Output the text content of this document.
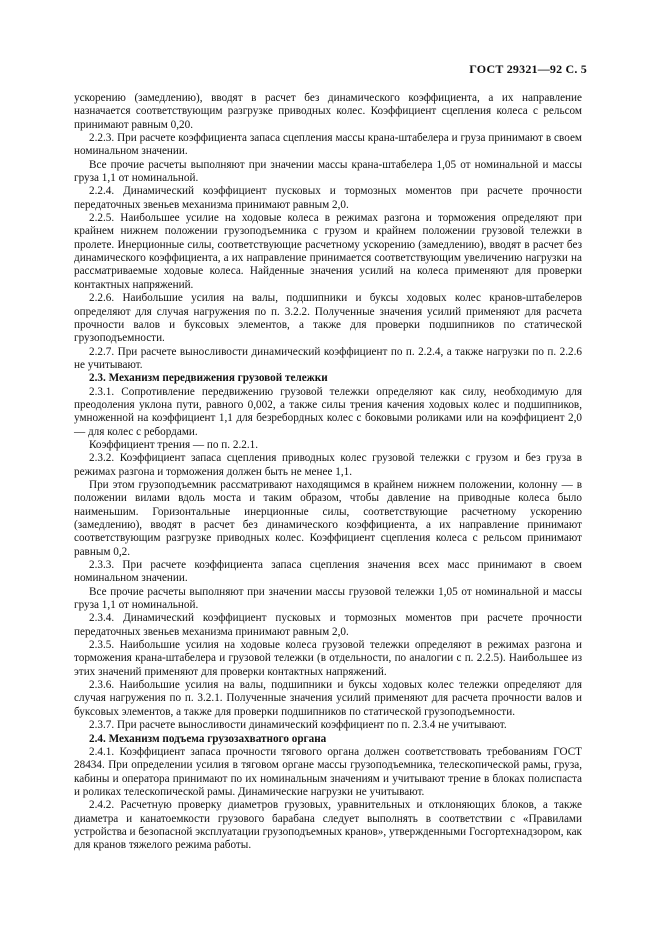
ГОСТ 29321—92 С. 5

ускорению (замедлению), вводят в расчет без динамического коэффициента, а их направление назначается соответствующим разгрузке приводных колес. Коэффициент сцепления колеса с рельсом принимают равным 0,20.

2.2.3. При расчете коэффициента запаса сцепления массы крана-штабелера и груза принимают в своем номинальном значении.

Все прочие расчеты выполняют при значении массы крана-штабелера 1,05 от номинальной и массы груза 1,1 от номинальной.

2.2.4. Динамический коэффициент пусковых и тормозных моментов при расчете прочности передаточных звеньев механизма принимают равным 2,0.

2.2.5. Наибольшее усилие на ходовые колеса в режимах разгона и торможения определяют при крайнем нижнем положении грузоподъемника с грузом и крайнем положении грузовой тележки в пролете. Инерционные силы, соответствующие расчетному ускорению (замедлению), вводят в расчет без динамического коэффициента, а их направление принимается соответствующим увеличению нагрузки на рассматриваемые ходовые колеса. Найденные значения усилий на колеса применяют для проверки контактных напряжений.

2.2.6. Наибольшие усилия на валы, подшипники и буксы ходовых колес кранов-штабелеров определяют для случая нагружения по п. 3.2.2. Полученные значения усилий применяют для расчета прочности валов и буксовых элементов, а также для проверки подшипников по статической грузоподъемности.

2.2.7. При расчете выносливости динамический коэффициент по п. 2.2.4, а также нагрузки по п. 2.2.6 не учитывают.

2.3. Механизм передвижения грузовой тележки

2.3.1. Сопротивление передвижению грузовой тележки определяют как силу, необходимую для преодоления уклона пути, равного 0,002, а также силы трения качения ходовых колес и подшипников, умноженной на коэффициент 1,1 для безребордных колес с боковыми роликами или на коэффициент 2,0 — для колес с ребордами.

Коэффициент трения — по п. 2.2.1.

2.3.2. Коэффициент запаса сцепления приводных колес грузовой тележки с грузом и без груза в режимах разгона и торможения должен быть не менее 1,1.

При этом грузоподъемник рассматривают находящимся в крайнем нижнем положении, колонну — в положении вилами вдоль моста и таким образом, чтобы давление на приводные колеса было наименьшим. Горизонтальные инерционные силы, соответствующие расчетному ускорению (замедлению), вводят в расчет без динамического коэффициента, а их направление принимают соответствующим разгрузке приводных колес. Коэффициент сцепления колеса с рельсом принимают равным 0,2.

2.3.3. При расчете коэффициента запаса сцепления значения всех масс принимают в своем номинальном значении.

Все прочие расчеты выполняют при значении массы грузовой тележки 1,05 от номинальной и массы груза 1,1 от номинальной.

2.3.4. Динамический коэффициент пусковых и тормозных моментов при расчете прочности передаточных звеньев механизма принимают равным 2,0.

2.3.5. Наибольшие усилия на ходовые колеса грузовой тележки определяют в режимах разгона и торможения крана-штабелера и грузовой тележки (в отдельности, по аналогии с п. 2.2.5). Наибольшее из этих значений применяют для проверки контактных напряжений.

2.3.6. Наибольшие усилия на валы, подшипники и буксы ходовых колес тележки определяют для случая нагружения по п. 3.2.1. Полученные значения усилий применяют для расчета прочности валов и буксовых элементов, а также для проверки подшипников по статической грузоподъемности.

2.3.7. При расчете выносливости динамический коэффициент по п. 2.3.4 не учитывают.

2.4. Механизм подъема грузозахватного органа

2.4.1. Коэффициент запаса прочности тягового органа должен соответствовать требованиям ГОСТ 28434. При определении усилия в тяговом органе массы грузоподъемника, телескопической рамы, груза, кабины и оператора принимают по их номинальным значениям и учитывают трение в блоках полиспаста и роликах телескопической рамы. Динамические нагрузки не учитывают.

2.4.2. Расчетную проверку диаметров грузовых, уравнительных и отклоняющих блоков, а также диаметра и канатоемкости грузового барабана следует выполнять в соответствии с «Правилами устройства и безопасной эксплуатации грузоподъемных кранов», утвержденными Госгортехнадзором, как для кранов тяжелого режима работы.
